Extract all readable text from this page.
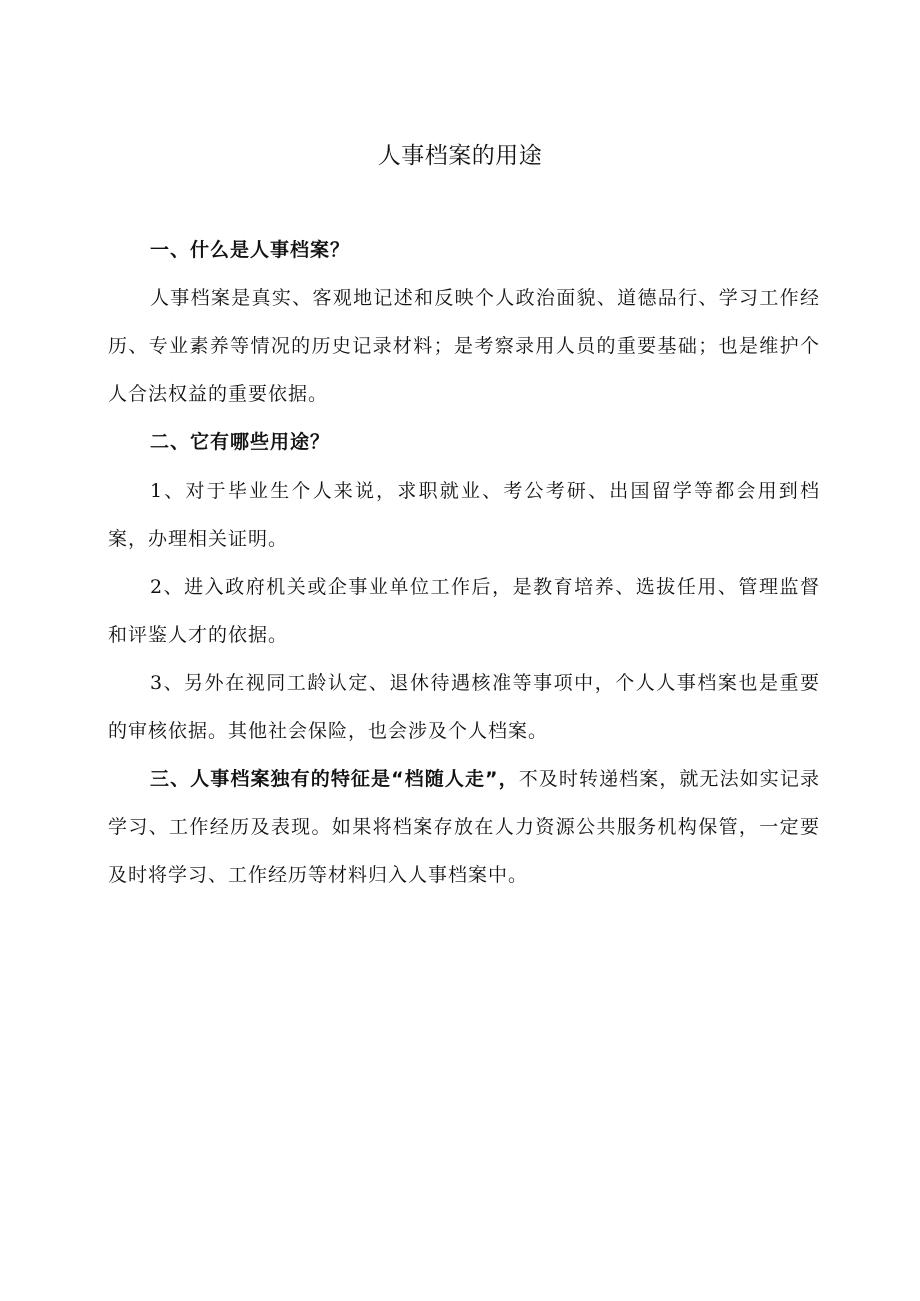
人事档案的用途

一、什么是人事档案？

人事档案是真实、客观地记述和反映个人政治面貌、道德品行、学习工作经历、专业素养等情况的历史记录材料；是考察录用人员的重要基础；也是维护个人合法权益的重要依据。

二、它有哪些用途？

1、对于毕业生个人来说，求职就业、考公考研、出国留学等都会用到档案，办理相关证明。

2、进入政府机关或企事业单位工作后，是教育培养、选拔任用、管理监督和评鉴人才的依据。

3、另外在视同工龄认定、退休待遇核准等事项中，个人人事档案也是重要的审核依据。其他社会保险，也会涉及个人档案。

三、人事档案独有的特征是“档随人走”，不及时转递档案，就无法如实记录学习、工作经历及表现。如果将档案存放在人力资源公共服务机构保管，一定要及时将学习、工作经历等材料归入人事档案中。
